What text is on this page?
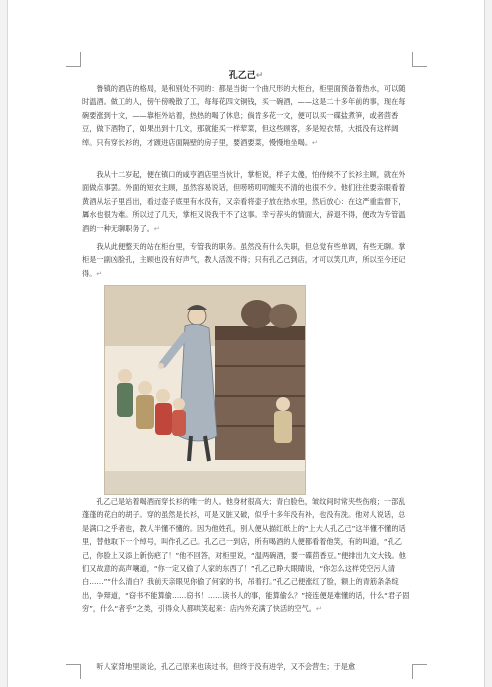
孔乙己↵

鲁镇的酒店的格局，是和别处不同的：都是当街一个曲尺形的大柜台，柜里面预备着热水，可以随时温酒。做工的人，傍午傍晚散了工，每每花四文铜钱，买一碗酒，——这是二十多年前的事，现在每碗要涨到十文，——靠柜外站着，热热的喝了休息；倘肯多花一文，便可以买一碟盐煮笋，或者茴香豆，做下酒物了，如果出到十几文，那就能买一样荤菜，但这些顾客，多是短衣帮，大抵没有这样阔绰。只有穿长衫的，才踱进店面隔壁的房子里，要酒要菜，慢慢地坐喝。↵

我从十二岁起，便在镇口的咸亨酒店里当伙计，掌柜说，样子太傻，怕侍候不了长衫主顾，就在外面做点事罢。外面的短衣主顾，虽然容易说话，但唠唠叨叨缠夹不清的也很不少。他们往往要亲眼看着黄酒从坛子里舀出，看过壶子底里有水没有，又亲看将壶子放在热水里，然后放心：在这严重监督下，羼水也很为难。所以过了几天，掌柜又说我干不了这事。幸亏荐头的情面大，辞退不得，便改为专管温酒的一种无聊职务了。↵

我从此便整天的站在柜台里，专管我的职务。虽然没有什么失职，但总觉有些单调，有些无聊。掌柜是一副凶脸孔，主顾也没有好声气，教人活泼不得；只有孔乙己到店，才可以笑几声，所以至今还记得。↵

孔乙己是站着喝酒而穿长衫的唯一的人。他身材很高大；青白脸色，皱纹间时常夹些伤痕；一部乱蓬蓬的花白的胡子。穿的虽然是长衫，可是又脏又破，似乎十多年没有补，也没有洗。他对人说话，总是满口之乎者也，教人半懂不懂的。因为他姓孔，别人便从描红纸上的“上大人孔乙己”这半懂不懂的话里，替他取下一个绰号，叫作孔乙己。孔乙己一到店，所有喝酒的人便都看着他笑，有的叫道，“孔乙己，你脸上又添上新伤疤了！”他不回答，对柜里说，“温两碗酒，要一碟茴香豆。”便排出九文大钱。他们又故意的高声嚷道，“你一定又偷了人家的东西了！”孔乙己睁大眼睛说，“你怎么这样凭空污人清白……”“什么清白？我前天亲眼见你偷了何家的书，吊着打。”孔乙己便涨红了脸，额上的青筋条条绽出，争辩道，“窃书不能算偷……窃书！……读书人的事，能算偷么？”接连便是难懂的话，什么“君子固穷”，什么“者乎”之类，引得众人都哄笑起来：店内外充满了快活的空气。↵

听人家背地里谈论，孔乙己原来也读过书，但终于没有进学，又不会营生；于是愈
